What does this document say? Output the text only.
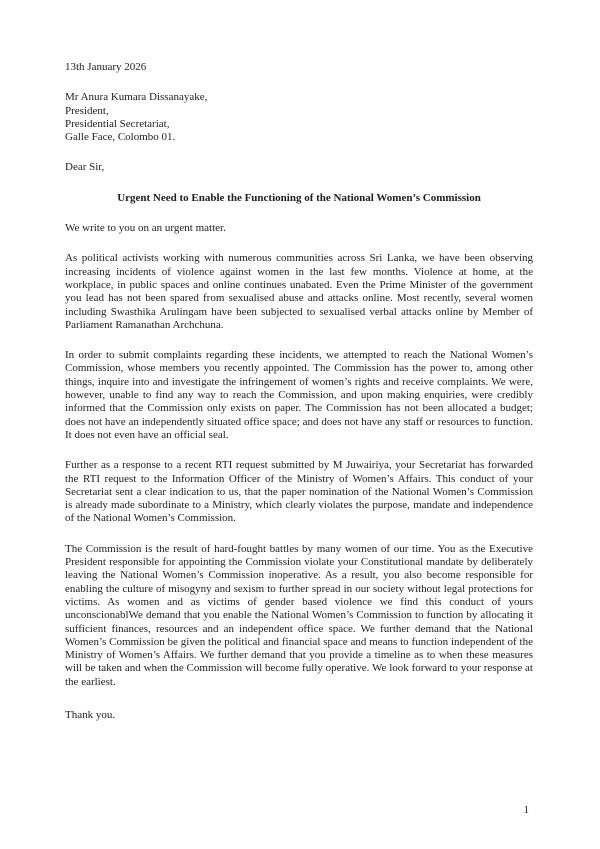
13th January 2026

Mr Anura Kumara Dissanayake,
President,
Presidential Secretariat,
Galle Face, Colombo 01.

Dear Sir,

Urgent Need to Enable the Functioning of the National Women’s Commission

We write to you on an urgent matter.

As political activists working with numerous communities across Sri Lanka, we have been observing increasing incidents of violence against women in the last few months. Violence at home, at the workplace, in public spaces and online continues unabated. Even the Prime Minister of the government you lead has not been spared from sexualised abuse and attacks online. Most recently, several women including Swasthika Arulingam have been subjected to sexualised verbal attacks online by Member of Parliament Ramanathan Archchuna.

In order to submit complaints regarding these incidents, we attempted to reach the National Women’s Commission, whose members you recently appointed. The Commission has the power to, among other things, inquire into and investigate the infringement of women’s rights and receive complaints. We were, however, unable to find any way to reach the Commission, and upon making enquiries, were credibly informed that the Commission only exists on paper. The Commission has not been allocated a budget; does not have an independently situated office space; and does not have any staff or resources to function. It does not even have an official seal.

Further as a response to a recent RTI request submitted by M Juwairiya, your Secretariat has forwarded the RTI request to the Information Officer of the Ministry of Women’s Affairs. This conduct of your Secretariat sent a clear indication to us, that the paper nomination of the National Women’s Commission is already made subordinate to a Ministry, which clearly violates the purpose, mandate and independence of the National Women’s Commission.

The Commission is the result of hard-fought battles by many women of our time. You as the Executive President responsible for appointing the Commission violate your Constitutional mandate by deliberately leaving the National Women’s Commission inoperative. As a result, you also become responsible for enabling the culture of misogyny and sexism to further spread in our society without legal protections for victims. As women and as victims of gender based violence we find this conduct of yours unconscionablWe demand that you enable the National Women’s Commission to function by allocating it sufficient finances, resources and an independent office space. We further demand that the National Women’s Commission be given the political and financial space and means to function independent of the Ministry of Women’s Affairs. We further demand that you provide a timeline as to when these measures will be taken and when the Commission will become fully operative. We look forward to your response at the earliest.

Thank you.

1
